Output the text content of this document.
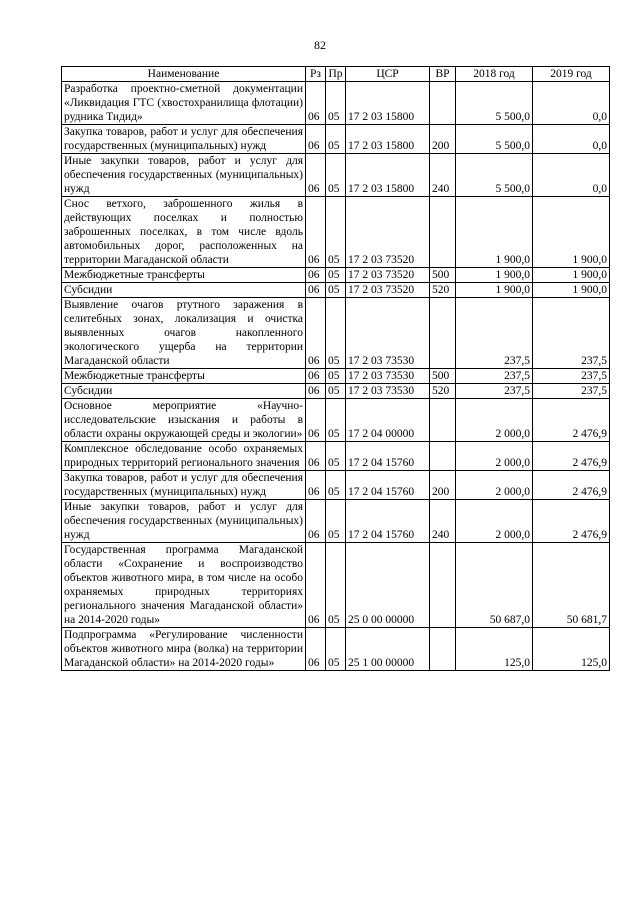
82
Наименование	Рз	Пр	ЦСР	ВР	2018 год	2019 год
Разработка проектно-сметной документации «Ликвидация ГТС (хвостохранилища флотации) рудника Тидид»	06	05	17 2 03 15800		5 500,0	0,0
Закупка товаров, работ и услуг для обеспечения государственных (муниципальных) нужд	06	05	17 2 03 15800	200	5 500,0	0,0
Иные закупки товаров, работ и услуг для обеспечения государственных (муниципальных) нужд	06	05	17 2 03 15800	240	5 500,0	0,0
Снос ветхого, заброшенного жилья в действующих поселках и полностью заброшенных поселках, в том числе вдоль автомобильных дорог, расположенных на территории Магаданской области	06	05	17 2 03 73520		1 900,0	1 900,0
Межбюджетные трансферты	06	05	17 2 03 73520	500	1 900,0	1 900,0
Субсидии	06	05	17 2 03 73520	520	1 900,0	1 900,0
Выявление очагов ртутного заражения в селитебных зонах, локализация и очистка выявленных очагов накопленного экологического ущерба на территории Магаданской области	06	05	17 2 03 73530		237,5	237,5
Межбюджетные трансферты	06	05	17 2 03 73530	500	237,5	237,5
Субсидии	06	05	17 2 03 73530	520	237,5	237,5
Основное мероприятие «Научно-исследовательские изыскания и работы в области охраны окружающей среды и экологии»	06	05	17 2 04 00000		2 000,0	2 476,9
Комплексное обследование особо охраняемых природных территорий регионального значения	06	05	17 2 04 15760		2 000,0	2 476,9
Закупка товаров, работ и услуг для обеспечения государственных (муниципальных) нужд	06	05	17 2 04 15760	200	2 000,0	2 476,9
Иные закупки товаров, работ и услуг для обеспечения государственных (муниципальных) нужд	06	05	17 2 04 15760	240	2 000,0	2 476,9
Государственная программа Магаданской области «Сохранение и воспроизводство объектов животного мира, в том числе на особо охраняемых природных территориях регионального значения Магаданской области» на 2014-2020 годы»	06	05	25 0 00 00000		50 687,0	50 681,7
Подпрограмма «Регулирование численности объектов животного мира (волка) на территории Магаданской области» на 2014-2020 годы»	06	05	25 1 00 00000		125,0	125,0
